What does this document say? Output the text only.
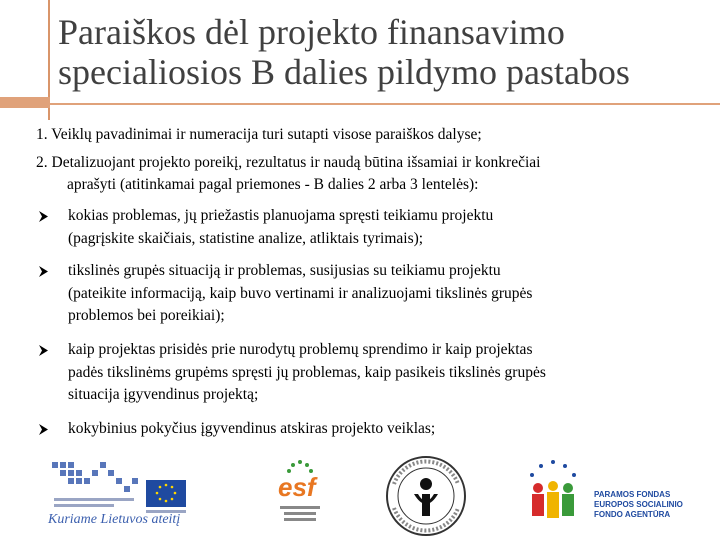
Paraiškos dėl projekto finansavimo
specialiosios B dalies pildymo pastabos
1. Veiklų pavadinimai ir numeracija turi sutapti visose paraiškos dalyse;
2. Detalizuojant projekto poreikį, rezultatus ir naudą būtina išsamiai ir konkrečiai
aprašyti (atitinkamai pagal priemones - B dalies 2 arba 3 lentelės):
kokias problemas, jų priežastis planuojama spręsti teikiamu projektu
(pagrįskite skaičiais, statistine analize, atliktais tyrimais);
tikslinės grupės situaciją ir problemas, susijusias su teikiamu projektu
(pateikite informaciją, kaip buvo vertinami ir analizuojami tikslinės grupės
problemos bei poreikiai);
kaip projektas prisidės prie nurodytų problemų sprendimo ir kaip projektas
padės tikslinėms grupėms spręsti jų problemas, kaip pasikeis tikslinės grupės
situacija įgyvendinus projektą;
kokybinius pokyčius įgyvendinus atskiras projekto veiklas;
Kuriame Lietuvos ateitį
esf	PARAMOS FONDAS
EUROPOS SOCIALINIO
FONDO AGENTŪRA
